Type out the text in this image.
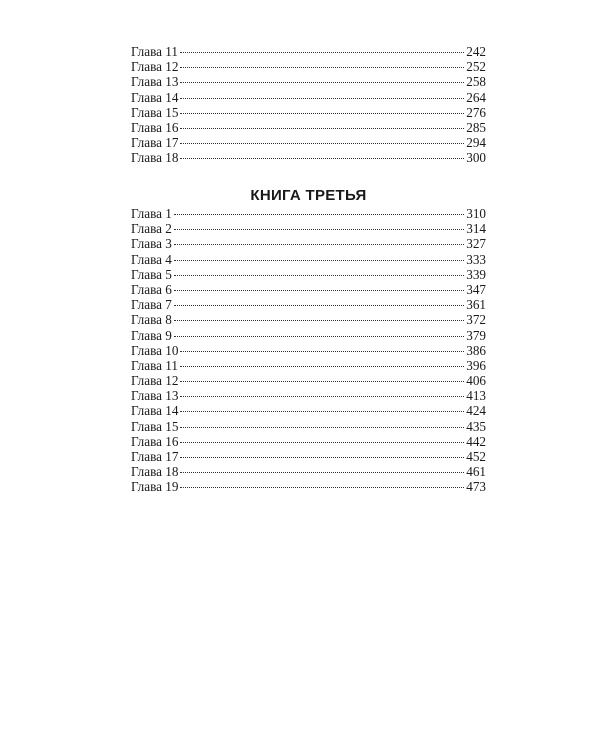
Глава 11	242
Глава 12	252
Глава 13	258
Глава 14	264
Глава 15	276
Глава 16	285
Глава 17	294
Глава 18	300
КНИГА ТРЕТЬЯ
Глава 1	310
Глава 2	314
Глава 3	327
Глава 4	333
Глава 5	339
Глава 6	347
Глава 7	361
Глава 8	372
Глава 9	379
Глава 10	386
Глава 11	396
Глава 12	406
Глава 13	413
Глава 14	424
Глава 15	435
Глава 16	442
Глава 17	452
Глава 18	461
Глава 19	473
